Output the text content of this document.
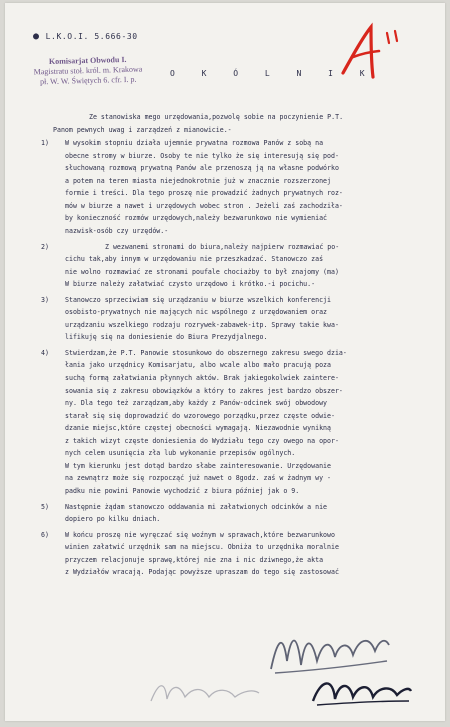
● L.K.O.I. 5.666-30
Komisarjat Obwodu I.
Magistratu stoł. król. m. Krakowa
pł. W. W. Świętych 6. cfr. I. p.
O K Ó L N I K
Ze stanowiska mego urzędowania,pozwolę sobie na poczynienie P.T.
Panom pewnych uwag i zarządzeń z mianowicie.-
1) W wysokim stopniu działa ujemnie prywatna rozmowa Panów z sobą na
obecne stromy w biurze. Osoby te nie tylko że się interesują się pod-
słuchowaną rozmową prywatną Panów ale przenoszą ją na własne podwórko
a potem na teren miasta niejednokrotnie już w znacznie rozszerzonej
formie i treści. Dla tego proszę nie prowadzić żadnych prywatnych roz-
mów w biurze a nawet i urzędowych wobec stron . Jeżeli zaś zachodziła-
by konieczność rozmów urzędowych,należy bezwarunkowo nie wymieniać
nazwisk-osób czy urzędów.-
2)	Z wezwanemi stronami do biura,należy najpierw rozmawiać po-
cichu tak,aby innym w urzędowaniu nie przeszkadzać. Stanowczo zaś
nie wolno rozmawiać ze stronami poufale chociażby to był znajomy (ma)
W biurze należy załatwiać czysto urzędowo i krótko.-i pocichu.-
3) Stanowczo sprzeciwiam się urządzaniu w biurze wszelkich konferencji
osobisto-prywatnych nie mających nic wspólnego z urzędowaniem oraz
urządzaniu wszelkiego rodzaju rozrywek-zabawek-itp. Sprawy takie kwa-
lifikuję się na doniesienie do Biura Prezydjalnego.
4) Stwierdzam,że P.T. Panowie stosunkowo do obszernego zakresu swego dzia-
łania jako urzędnicy Komisarjatu, albo wcale albo mało pracują poza
suchą formą załatwiania płynnych aktów. Brak jakiegokolwiek zaintere-
sowania się z zakresu obowiązków a który to zakres jest bardzo obszer-
ny. Dla tego też zarządzam,aby każdy z Panów-odcinek swój obwodowy
starał się się doprowadzić do wzorowego porządku,przez częste odwie-
dzanie miejsc,które częstej obecności wymagają. Niezawodnie wynikną
z takich wizyt częste doniesienia do Wydziału tego czy owego na opor-
nych celem usunięcia zła lub wykonanie przepisów ogólnych.
W tym kierunku jest dotąd bardzo słabe zainteresowanie. Urzędowanie
na zewnątrz może się rozpocząć już nawet o 8godz. zaś w żadnym wy -
padku nie powini Panowie wychodzić z biura później jak o 9.
5) Następnie żądam stanowczo oddawania mi załatwionych odcinków a nie
dopiero po kilku dniach.
6) W końcu proszę nie wyręczać się woźnym w sprawach,które bezwarunkowo
winien załatwić urzędnik sam na miejscu. Obniża to urzędnika moralnie
przyczem relacjonuje sprawę,której nie zna i nic dziwnego,że akta
z Wydziałów wracają. Podając powyższe upraszam do tego się zastosować
